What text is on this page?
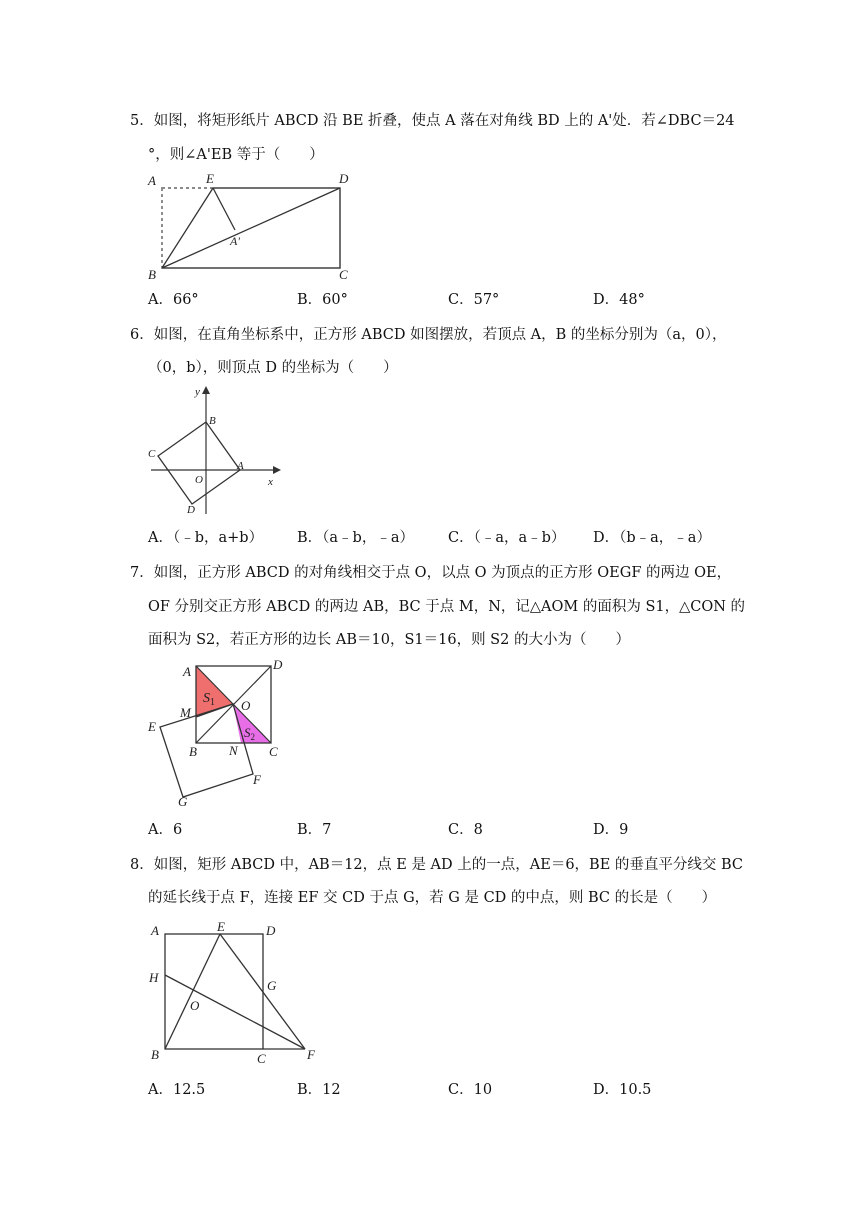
5．如图，将矩形纸片 ABCD 沿 BE 折叠，使点 A 落在对角线 BD 上的 A'处．若∠DBC＝24
°，则∠A'EB 等于（　　）
A	E	D
A'
B	C
A．66°	B．60°	C．57°	D．48°
6．如图，在直角坐标系中，正方形 ABCD 如图摆放，若顶点 A，B 的坐标分别为（a，0），
（0，b），则顶点 D 的坐标为（　　）
y
x
B
C
A
O
D
A．（﹣b，a+b） B．（a﹣b，﹣a） C．（﹣a，a﹣b） D．（b﹣a，﹣a）
7．如图，正方形 ABCD 的对角线相交于点 O，以点 O 为顶点的正方形 OEGF 的两边 OE，
OF 分别交正方形 ABCD 的两边 AB，BC 于点 M，N，记△AOM 的面积为 S1，△CON 的
面积为 S2，若正方形的边长 AB＝10，S1＝16，则 S2 的大小为（　　）
A	D
$S_1$
M	O
E	$S_2$
B N C
F
G
A．6	B．7	C．8	D．9
8．如图，矩形 ABCD 中，AB＝12，点 E 是 AD 上的一点，AE＝6，BE 的垂直平分线交 BC
的延长线于点 F，连接 EF 交 CD 于点 G，若 G 是 CD 的中点，则 BC 的长是（　　）
A	E	D
H
G
O
B	C	F
A．12.5	B．12	C．10	D．10.5
